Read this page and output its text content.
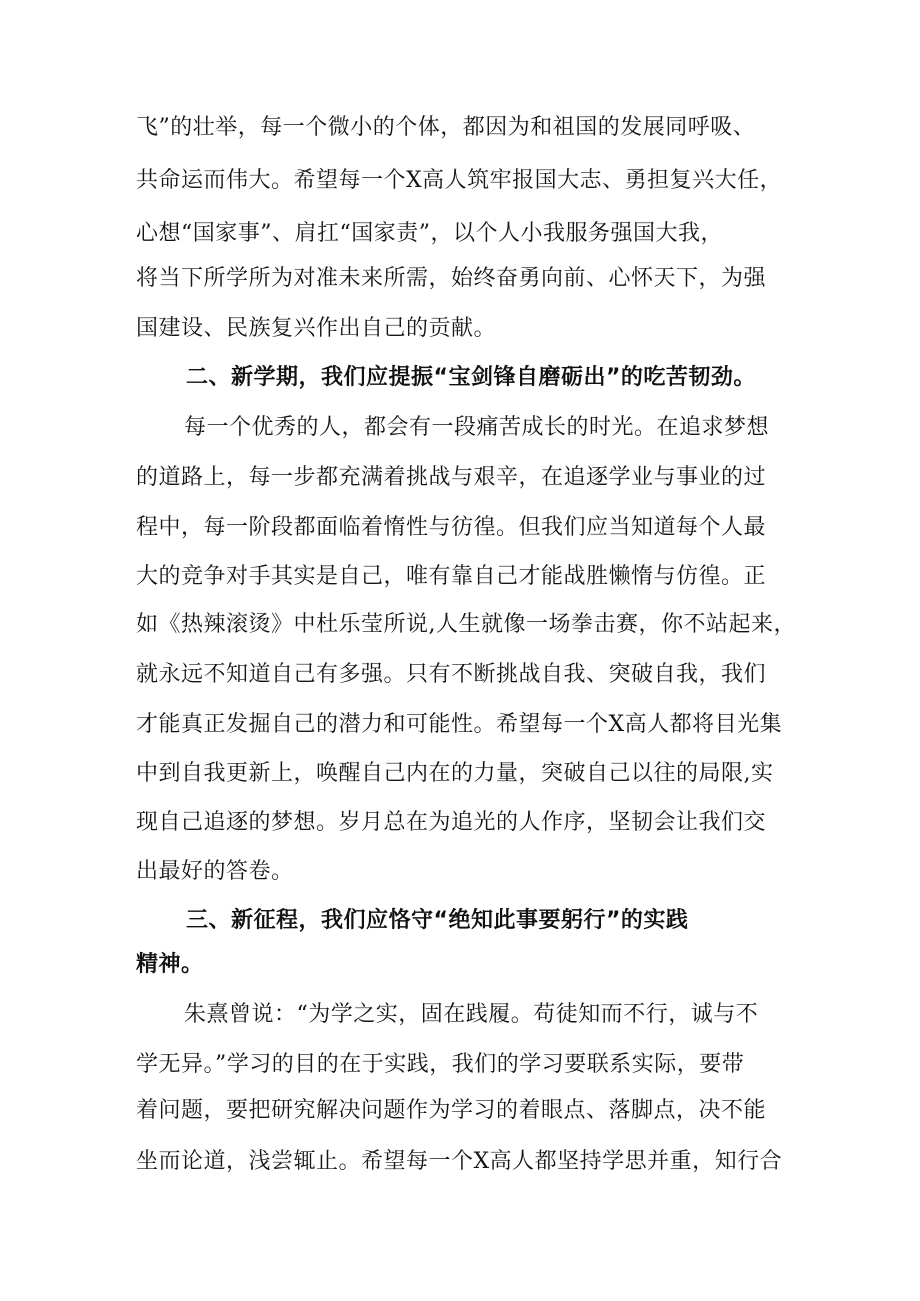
飞”的壮举，每一个微小的个体，都因为和祖国的发展同呼吸、
共命运而伟大。希望每一个X高人筑牢报国大志、勇担复兴大任，
心想“国家事”、肩扛“国家责”，以个人小我服务强国大我，
将当下所学所为对准未来所需，始终奋勇向前、心怀天下，为强
国建设、民族复兴作出自己的贡献。
二、新学期，我们应提振“宝剑锋自磨砺出”的吃苦韧劲。
每一个优秀的人，都会有一段痛苦成长的时光。在追求梦想
的道路上，每一步都充满着挑战与艰辛，在追逐学业与事业的过
程中，每一阶段都面临着惰性与彷徨。但我们应当知道每个人最
大的竞争对手其实是自己，唯有靠自己才能战胜懒惰与仿徨。正
如《热辣滚烫》中杜乐莹所说,人生就像一场拳击赛，你不站起来，
就永远不知道自己有多强。只有不断挑战自我、突破自我，我们
才能真正发掘自己的潜力和可能性。希望每一个X高人都将目光集
中到自我更新上，唤醒自己内在的力量，突破自己以往的局限,实
现自己追逐的梦想。岁月总在为追光的人作序，坚韧会让我们交
出最好的答卷。
三、新征程，我们应恪守“绝知此事要躬行”的实践
精神。
朱熹曾说：“为学之实，固在践履。苟徒知而不行，诚与不
学无异。”学习的目的在于实践，我们的学习要联系实际，要带
着问题，要把研究解决问题作为学习的着眼点、落脚点，决不能
坐而论道，浅尝辄止。希望每一个X高人都坚持学思并重，知行合
